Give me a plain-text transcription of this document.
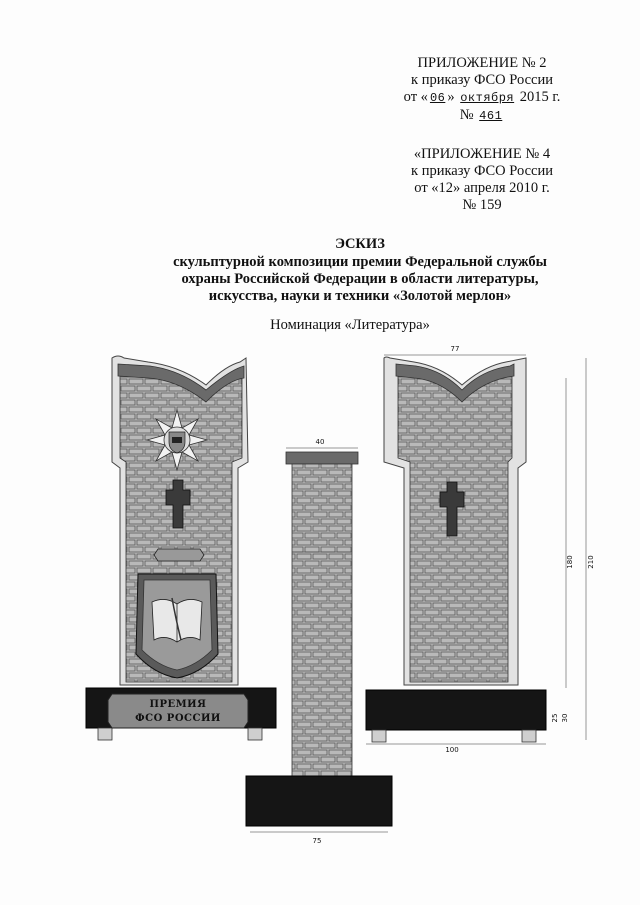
ПРИЛОЖЕНИЕ № 2
к приказу ФСО России
от « 06 » октября 2015 г.
№ 461
«ПРИЛОЖЕНИЕ № 4
к приказу ФСО России
от «12» апреля 2010 г.
№ 159
ЭСКИЗ
скульптурной композиции премии Федеральной службы
охраны Российской Федерации в области литературы,
искусства, науки и техники «Золотой мерлон»
Номинация «Литература»
ПРЕМИЯ
ФСО РОССИИ
40
75
77
180 210
25 30
100
